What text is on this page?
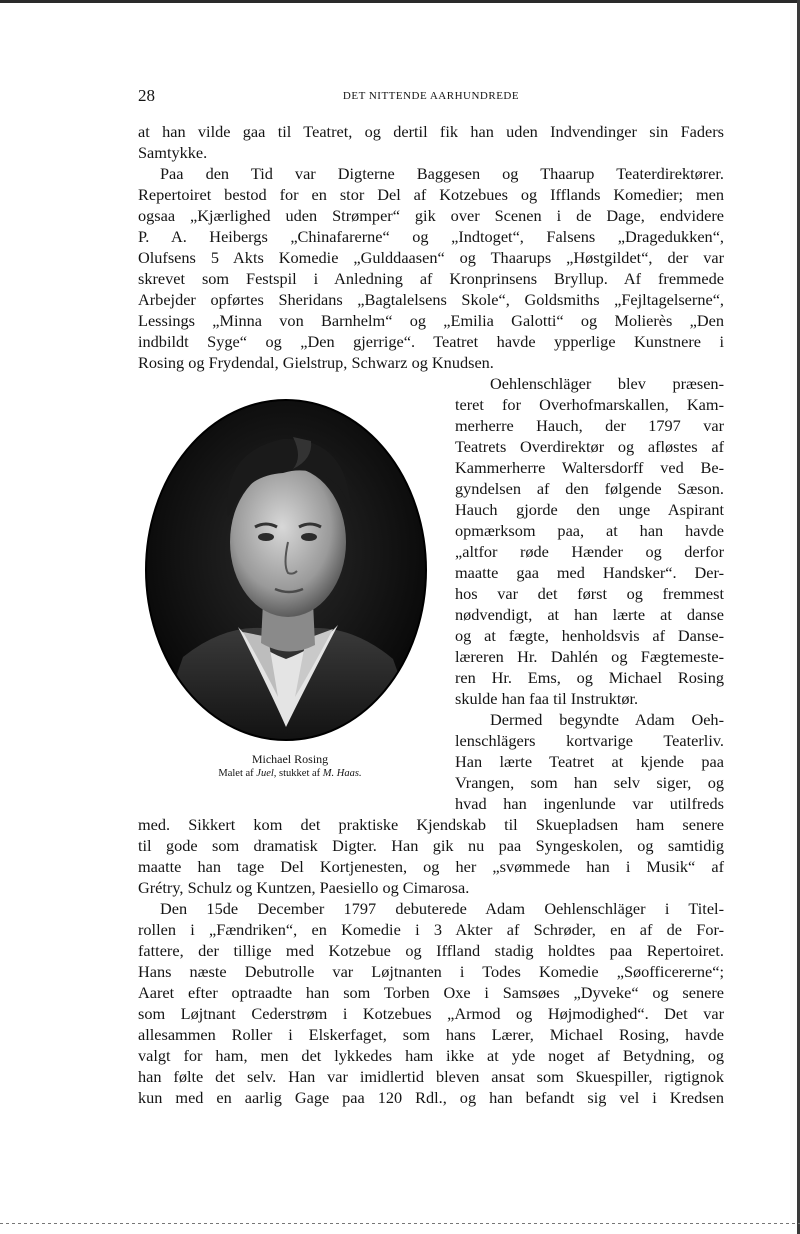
28	DET NITTENDE AARHUNDREDE
at han vilde gaa til Teatret, og dertil fik han uden Indvendinger sin Faders
Samtykke.
Paa den Tid var Digterne Baggesen og Thaarup Teaterdirektører.
Repertoiret bestod for en stor Del af Kotzebues og Ifflands Komedier; men
ogsaa „Kjærlighed uden Strømper“ gik over Scenen i de Dage, endvidere
P. A. Heibergs „Chinafarerne“ og „Indtoget“, Falsens „Dragedukken“,
Olufsens 5 Akts Komedie „Gulddaasen“ og Thaarups „Høstgildet“, der var
skrevet som Festspil i Anledning af Kronprinsens Bryllup. Af fremmede
Arbejder opførtes Sheridans „Bagtalelsens Skole“, Goldsmiths „Fejltagelserne“,
Lessings „Minna von Barnhelm“ og „Emilia Galotti“ og Molierès „Den
indbildt Syge“ og „Den gjerrige“. Teatret havde ypperlige Kunstnere i
Rosing og Frydendal, Gielstrup, Schwarz og Knudsen.
Oehlenschläger blev præsen-
teret for Overhofmarskallen, Kam-
merherre Hauch, der 1797 var
Teatrets Overdirektør og afløstes af
Kammerherre Waltersdorff ved Be-
gyndelsen af den følgende Sæson.
Hauch gjorde den unge Aspirant
opmærksom paa, at han havde
„altfor røde Hænder og derfor
maatte gaa med Handsker“. Der-
hos var det først og fremmest
nødvendigt, at han lærte at danse
og at fægte, henholdsvis af Danse-
læreren Hr. Dahlén og Fægtemeste-
ren Hr. Ems, og Michael Rosing
skulde han faa til Instruktør.
Dermed begyndte Adam Oeh-
lenschlägers kortvarige Teaterliv.
Han lærte Teatret at kjende paa
Vrangen, som han selv siger, og
hvad han ingenlunde var utilfreds
Michael Rosing
Malet af Juel, stukket af M. Haas.
med. Sikkert kom det praktiske Kjendskab til Skuepladsen ham senere
til gode som dramatisk Digter. Han gik nu paa Syngeskolen, og samtidig
maatte han tage Del Kortjenesten, og her „svømmede han i Musik“ af
Grétry, Schulz og Kuntzen, Paesiello og Cimarosa.
Den 15de December 1797 debuterede Adam Oehlenschläger i Titel-
rollen i „Fændriken“, en Komedie i 3 Akter af Schrøder, en af de For-
fattere, der tillige med Kotzebue og Iffland stadig holdtes paa Repertoiret.
Hans næste Debutrolle var Løjtnanten i Todes Komedie „Søofficererne“;
Aaret efter optraadte han som Torben Oxe i Samsøes „Dyveke“ og senere
som Løjtnant Cederstrøm i Kotzebues „Armod og Højmodighed“. Det var
allesammen Roller i Elskerfaget, som hans Lærer, Michael Rosing, havde
valgt for ham, men det lykkedes ham ikke at yde noget af Betydning, og
han følte det selv. Han var imidlertid bleven ansat som Skuespiller, rigtignok
kun med en aarlig Gage paa 120 Rdl., og han befandt sig vel i Kredsen
